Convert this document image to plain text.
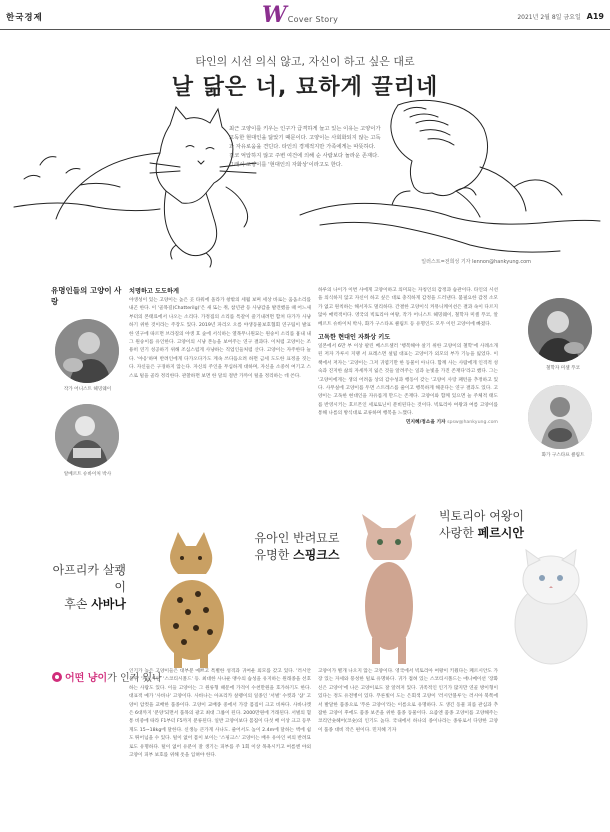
한국경제	W Cover Story	2021년 2월 8일 금요일 A19
타인의 시선 의식 않고, 자신이 하고 싶은 대로
날 닮은 너, 묘하게 끌리네
최근 고양이를 키우는 인구가 급격하게 늘고 있는 이유는 고양이가 고독한 현대인을 닮았기 때문이다. 고양이는 사회화되지 않는 고독과 자유로움을 견딘다. 타인의 경제적지만 가족에게는 따뜻하다. 결코 억압하지 않고 주변 여건에 의해 순 사람보다 놀라운 존재다. 그래서 고양이를 '현대인의 자화상'이라고도 한다.
일러스트=전희성 기자 lennon@hankyung.com
유명인들의 고양이 사랑
작가 어니스트 헤밍웨이
알베르트 슈바이처 박사
치명하고 도도하게

야생성이 있는 고양이는 높은 곳 타워에 올라가 창밖의 세월 보며 세상 바로는 움옵소리를 내곤 한다. 이 '골목길(Chatterilg)'은 새 또는 쥐, 참년관 등 사냥감을 발견했을 때 어느새부터의 본태료에서 나오는 소리다. 가정집의 소리를 특갈이 즐기내려면 합쳐 다가가 사냥하기 위한 것이라는 주장도 있다. 2019년 파리오 오름 야생동물보호협회 연구팀이 발표한 연구에 따르면 브라질의 야생 호 숲에 서식하는 열목무니원묘는 원숭이 소리를 흉내 내 그 원숭이를 유인한다. 고양이의 시냥 본능을 보여주는 연구 결과다. 이처럼 고양이는 조용히 연기 성공하기 위해 조심스럽게 사냥하는 직업인들처럼 산다. 고양이는 자주한다 늘다. '야옹'하며 반려인에게 다가오다가도 계속 쓰다듬으려 하면 금세 도도한 표정을 짓는다. 자신들은 구경하지 않는다. 자신의 주인을 무심하게 대하며, 자신을 소중히 여기고 스스로 털을 골라 정리한다. 관찰하면 보면 한 달의 절반 가까이 털을 정리하는 데 쓴다.

하루의 나이가 이번 사에게 고양이하고 의미되는 자칭인의 감정과 습관이다. 타인의 시선을 의식하지 않고 자신이 하고 싶은 대로 충직하게 감정을 드러낸다. 불필요한 감정 소모가 없고 원칙하는 해서자도 멀리하다. 간결한 고양이식 커뮤니케이션은 결과 속이 다르지 않아 매력적이다. 영국의 빅토리아 여왕, 작가 어니스트 헤밍웨이, 철학자 미셸 푸코, 알베르트 슈바이처 박사, 화가 구스타프 클림트 등 유명인도 모두 이런 고양이에 빠졌다.

고독한 현대인 자화상 키도

일본에서 6만 부 이상 팔린 베스트셀러 '행복해야 살기 위한 고양이의 철학'에 사례소개된 저자 가루시 지랭 서 프레스면 설립 대표는 고양이가 외모의 부가 기능을 잃었다. 이 책에서 저자는 '고양이는 그저 귀엽기만 한 동물이 아니다. 함께 사는 사람에게 인격적 성숙과 진지한 삶의 자세까지 잃은 것들 알려주는 일과 눈빛을 가진 존재다'라고 했다. 그는 '고양이에게는 생의 어려움 상의 감수성과 행동이 갖는 '고양이 사랑 패턴을 추정하고 있다. 사무실에 고양이를 두면 스트레스를 줄이고 행복하게 해준다는 연구 결과도 있다. 고양이는 고독한 현대인을 자유롭게 만드는 존재다. 고양이와 함께 있으면 늘 주체적 태도를 반영시키는 호르몬인 세로토닌이 분비된다는 것이다. 빅토리아 여왕과 여름 고양이를 통해 나름의 방식대로 교류하며 행복을 느꼈다.

민지혜/정소을 기자 spsw@hankyung.com

철학자 미셸 푸코
화가 구스타프 클림트
아프리카 살쾡이
후손 사바나
유아인 반려묘로
유명한 스핑크스
빅토리아 여왕이
사랑한 페르시안
어떤 냥이 가 인기 있나

인기가 높은 고양이들은 대부분 예쁘고 특별한 성격과 귀여운 외모를 갖고 있다. '러시안블루' '페르시안' '스코티시폴드' 등. 최대한 사나운 맹수의 습성을 유지하는 원래종을 선호하는 사람도 있다. 이들 고양이는 그 원류형 때문에 가격이 수천만원을 호가하기도 한다. 대표적 예가 '사바나' 고양이다. 사바나는 아프리카 살쾡이의 일종인 '서벌' 수컷과 '샴' 고양이 암컷을 교배한 품종이다. 고양이 교배종 중에서 가장 몸집이 크고 비싸다. 사바나캣은 6대까지 '분양'되면서 품목의 광고 최대 그룹이 된다. 2000만원에 거래된다. 서벌의 혈통 비중에 따라 F1부터 F5까지 분류된다. 일반 고양이보다 몸집이 다섯 배 이상 크고 등무게도 15~18kg에 달한다. 신생능 큰가게 사나도. 줄어서도 높이 2.4m에 달하는 벽에 쉽도 뛰어넘을 수 있다. 털이 없어 몸이 보이는 '스핑크스' 고양이는 배우 유아인 씨의 반려묘로도 유명하다. 털이 없어 유분이 잘 생기는 피부를 주 1회 이상 목욕시키고 여름엔 야외 고양이 피부 보호를 위해 옷을 입혀야 한다.

고양이가 별개 나오지 않는 고양이다. 영국에서 빅토리아 여왕이 키웠다는 페르시안도 가장 있는 자세와 풍성한 털로 유명하다. 귀가 접혀 있는 스코티시폴드는 애니메이션 '장화 신은 고양이'에 나온 고양이로도 잘 알려져 있다. 귀족적인 인기가 많지만 연골 방이형이 있다는 정도 유전병이 있다. 푸른빛이 도는 은회색 고양이 '러시안블루'는 러시아 북쪽에서 발달한 품종으로 '푸른 고양이'라는 이름으로 유명하다. 도 생긴 동물 피를 관심과 추잡한 고양이 후에도 품종 보존을 위한 품종 동물이다. 요즘엔 품종 고양이를 고양해주는 코리안숏헤어(코숏)의 인기도 높다. 국내에서 하나의 종이나라는 종류로서 다양한 고양이 품종 대비 작은 편이다. 민지혜 기자
